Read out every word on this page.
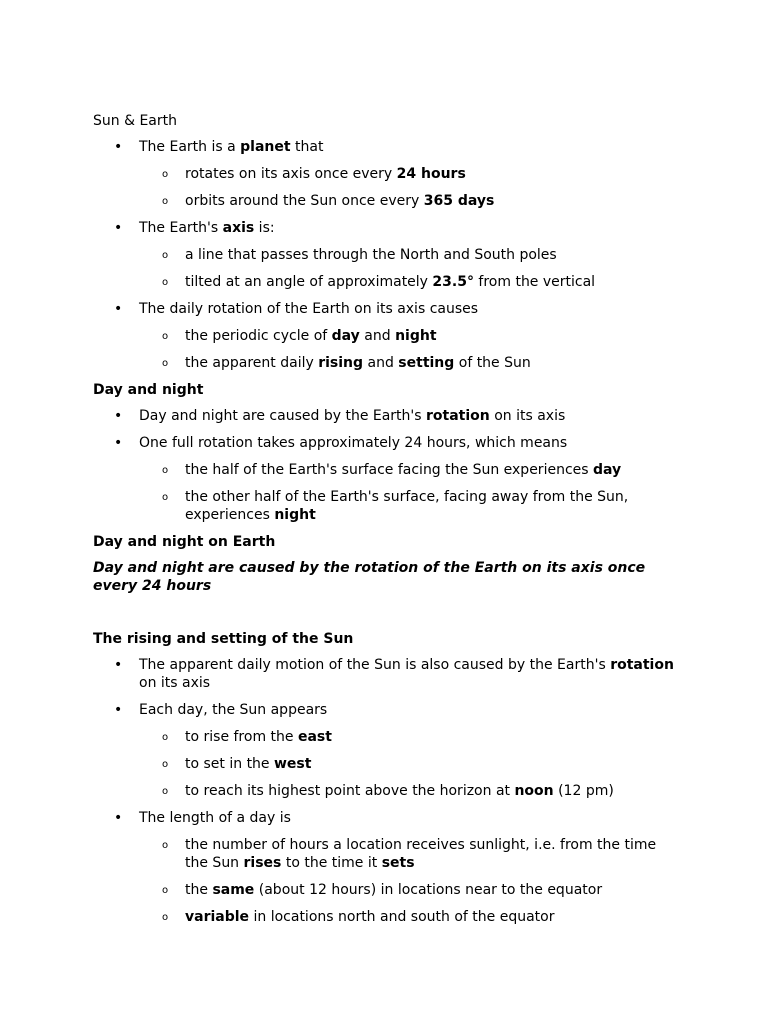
Sun & Earth

• The Earth is a planet that
o rotates on its axis once every 24 hours
o orbits around the Sun once every 365 days
• The Earth's axis is:
o a line that passes through the North and South poles
o tilted at an angle of approximately 23.5° from the vertical
• The daily rotation of the Earth on its axis causes
o the periodic cycle of day and night
o the apparent daily rising and setting of the Sun

Day and night

• Day and night are caused by the Earth's rotation on its axis
• One full rotation takes approximately 24 hours, which means
o the half of the Earth's surface facing the Sun experiences day
o the other half of the Earth's surface, facing away from the Sun, experiences night

Day and night on Earth

Day and night are caused by the rotation of the Earth on its axis once every 24 hours

The rising and setting of the Sun

• The apparent daily motion of the Sun is also caused by the Earth's rotation on its axis
• Each day, the Sun appears
o to rise from the east
o to set in the west
o to reach its highest point above the horizon at noon (12 pm)
• The length of a day is
o the number of hours a location receives sunlight, i.e. from the time the Sun rises to the time it sets
o the same (about 12 hours) in locations near to the equator
o variable in locations north and south of the equator
